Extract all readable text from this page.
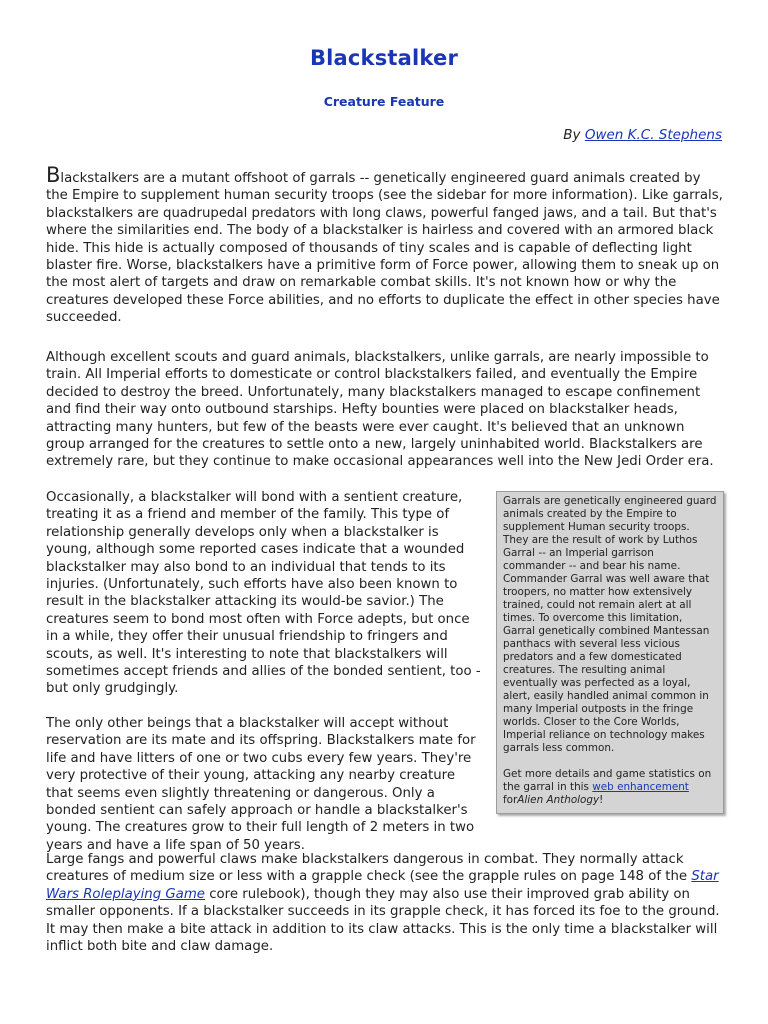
Blackstalker
Creature Feature
By Owen K.C. Stephens

Blackstalkers are a mutant offshoot of garrals -- genetically engineered guard animals created by the Empire to supplement human security troops (see the sidebar for more information). Like garrals, blackstalkers are quadrupedal predators with long claws, powerful fanged jaws, and a tail. But that's where the similarities end. The body of a blackstalker is hairless and covered with an armored black hide. This hide is actually composed of thousands of tiny scales and is capable of deflecting light blaster fire. Worse, blackstalkers have a primitive form of Force power, allowing them to sneak up on the most alert of targets and draw on remarkable combat skills. It's not known how or why the creatures developed these Force abilities, and no efforts to duplicate the effect in other species have succeeded.

Although excellent scouts and guard animals, blackstalkers, unlike garrals, are nearly impossible to train. All Imperial efforts to domesticate or control blackstalkers failed, and eventually the Empire decided to destroy the breed. Unfortunately, many blackstalkers managed to escape confinement and find their way onto outbound starships. Hefty bounties were placed on blackstalker heads, attracting many hunters, but few of the beasts were ever caught. It's believed that an unknown group arranged for the creatures to settle onto a new, largely uninhabited world. Blackstalkers are extremely rare, but they continue to make occasional appearances well into the New Jedi Order era.

Garrals are genetically engineered guard animals created by the Empire to supplement Human security troops. They are the result of work by Luthos Garral -- an Imperial garrison commander -- and bear his name. Commander Garral was well aware that troopers, no matter how extensively trained, could not remain alert at all times. To overcome this limitation, Garral genetically combined Mantessan panthacs with several less vicious predators and a few domesticated creatures. The resulting animal eventually was perfected as a loyal, alert, easily handled animal common in many Imperial outposts in the fringe worlds. Closer to the Core Worlds, Imperial reliance on technology makes garrals less common.

Get more details and game statistics on the garral in this web enhancement forAlien Anthology!

Occasionally, a blackstalker will bond with a sentient creature, treating it as a friend and member of the family. This type of relationship generally develops only when a blackstalker is young, although some reported cases indicate that a wounded blackstalker may also bond to an individual that tends to its injuries. (Unfortunately, such efforts have also been known to result in the blackstalker attacking its would-be savior.) The creatures seem to bond most often with Force adepts, but once in a while, they offer their unusual friendship to fringers and scouts, as well. It's interesting to note that blackstalkers will sometimes accept friends and allies of the bonded sentient, too - but only grudgingly.

The only other beings that a blackstalker will accept without reservation are its mate and its offspring. Blackstalkers mate for life and have litters of one or two cubs every few years. They're very protective of their young, attacking any nearby creature that seems even slightly threatening or dangerous. Only a bonded sentient can safely approach or handle a blackstalker's young. The creatures grow to their full length of 2 meters in two years and have a life span of 50 years.

Large fangs and powerful claws make blackstalkers dangerous in combat. They normally attack creatures of medium size or less with a grapple check (see the grapple rules on page 148 of the Star Wars Roleplaying Game core rulebook), though they may also use their improved grab ability on smaller opponents. If a blackstalker succeeds in its grapple check, it has forced its foe to the ground. It may then make a bite attack in addition to its claw attacks. This is the only time a blackstalker will inflict both bite and claw damage.
